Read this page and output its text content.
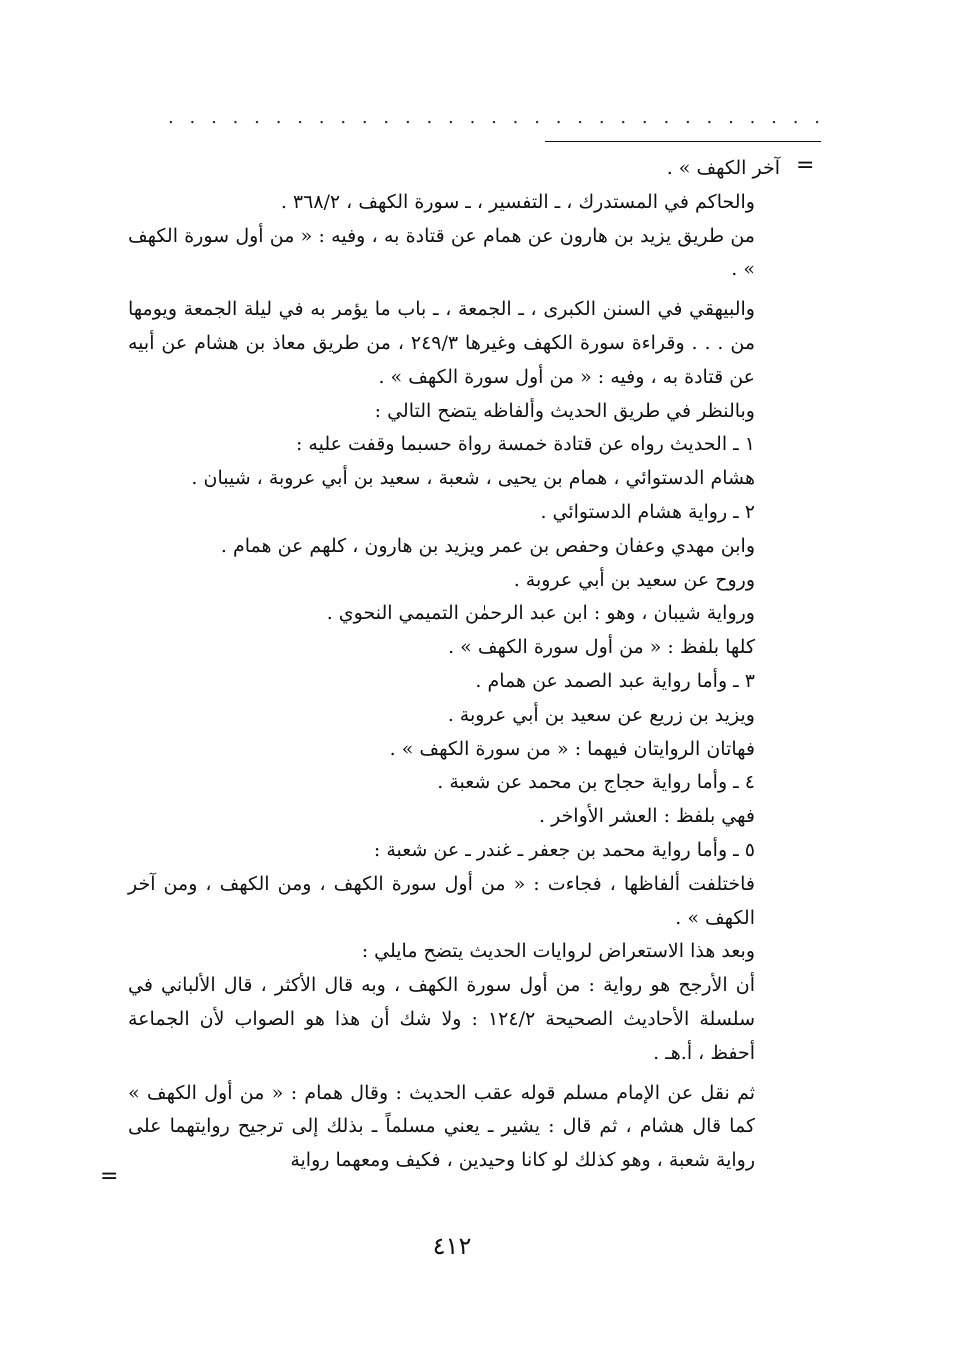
. . . . . . . . . . . . . . . . . . . . . . . . . . . . . . .
=

آخر الكهف » .

والحاكم في المستدرك ، ـ التفسير ، ـ سورة الكهف ، ٣٦٨/٢ .

من طريق يزيد بن هارون عن همام عن قتادة به ، وفيه : « من أول سورة الكهف » .

والبيهقي في السنن الكبرى ، ـ الجمعة ، ـ باب ما يؤمر به في ليلة الجمعة ويومها من . . . وقراءة سورة الكهف وغيرها ٢٤٩/٣ ، من طريق معاذ بن هشام عن أبيه عن قتادة به ، وفيه : « من أول سورة الكهف » .

وبالنظر في طريق الحديث وألفاظه يتضح التالي :

١ ـ الحديث رواه عن قتادة خمسة رواة حسبما وقفت عليه :

هشام الدستوائي ، همام بن يحيى ، شعبة ، سعيد بن أبي عروبة ، شيبان .

٢ ـ رواية هشام الدستوائي .

وابن مهدي وعفان وحفص بن عمر ويزيد بن هارون ، كلهم عن همام .

وروح عن سعيد بن أبي عروبة .

ورواية شيبان ، وهو : ابن عبد الرحمٰن التميمي النحوي .

كلها بلفظ : « من أول سورة الكهف » .

٣ ـ وأما رواية عبد الصمد عن همام .

ويزيد بن زريع عن سعيد بن أبي عروبة .

فهاتان الروايتان فيهما : « من سورة الكهف » .

٤ ـ وأما رواية حجاج بن محمد عن شعبة .

فهي بلفظ : العشر الأواخر .

٥ ـ وأما رواية محمد بن جعفر ـ غندر ـ عن شعبة :

فاختلفت ألفاظها ، فجاءت : « من أول سورة الكهف ، ومن الكهف ، ومن آخر الكهف » .

وبعد هذا الاستعراض لروايات الحديث يتضح مايلي :

أن الأرجح هو رواية : من أول سورة الكهف ، وبه قال الأكثر ، قال الألباني في سلسلة الأحاديث الصحيحة ١٢٤/٢ : ولا شك أن هذا هو الصواب لأن الجماعة أحفظ ، أ.هـ .

ثم نقل عن الإمام مسلم قوله عقب الحديث : وقال همام : « من أول الكهف » كما قال هشام ، ثم قال : يشير ـ يعني مسلماً ـ بذلك إلى ترجيح روايتهما على رواية شعبة ، وهو كذلك لو كانا وحيدين ، فكيف ومعهما رواية

=
٤١٢
